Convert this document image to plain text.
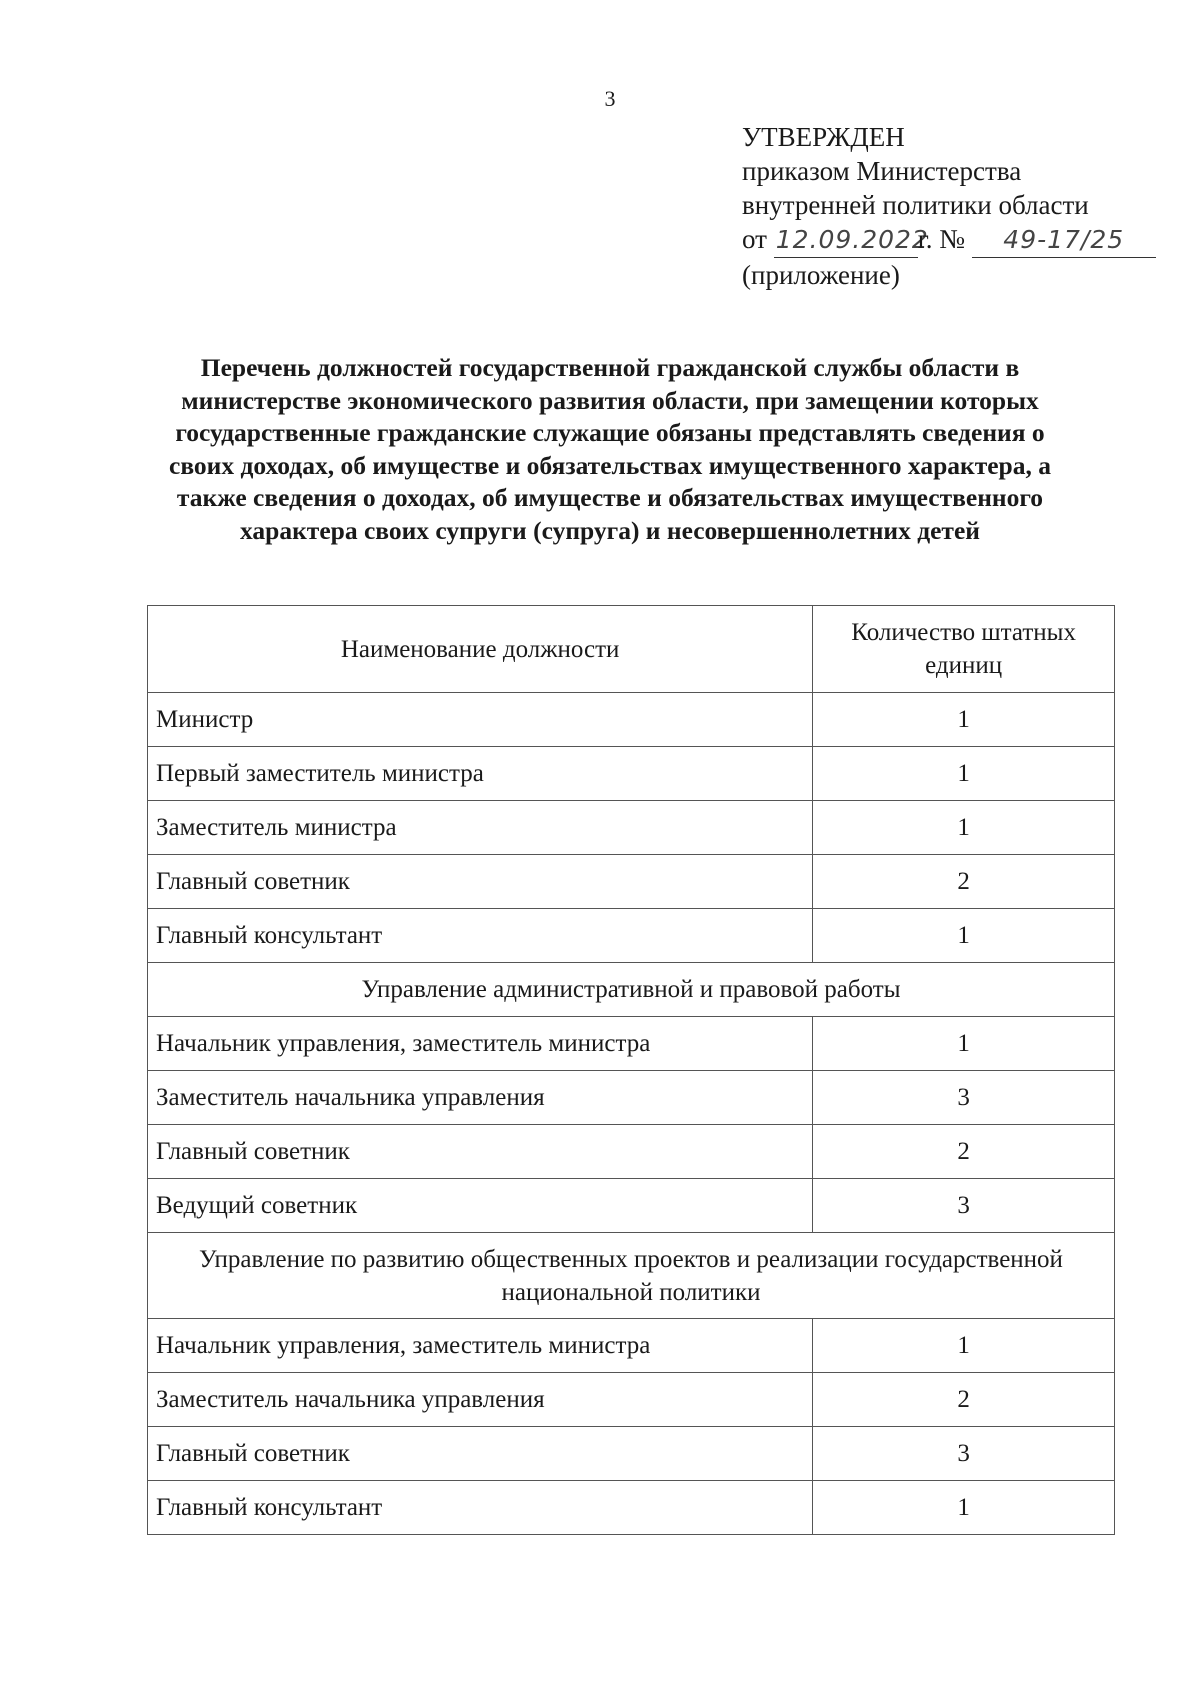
3
УТВЕРЖДЕН
приказом Министерства
внутренней политики области
от 12.09.2022г. № 49-17/25
(приложение)
Перечень должностей государственной гражданской службы области в
министерстве экономического развития области, при замещении которых
государственные гражданские служащие обязаны представлять сведения о
своих доходах, об имуществе и обязательствах имущественного характера, а
также сведения о доходах, об имуществе и обязательствах имущественного
характера своих супруги (супруга) и несовершеннолетних детей
Наименование должности	Количество штатных единиц
Министр	1
Первый заместитель министра	1
Заместитель министра	1
Главный советник	2
Главный консультант	1
Управление административной и правовой работы	
Начальник управления, заместитель министра	1
Заместитель начальника управления	3
Главный советник	2
Ведущий советник	3
Управление по развитию общественных проектов и реализации государственной национальной политики	
Начальник управления, заместитель министра	1
Заместитель начальника управления	2
Главный советник	3
Главный консультант	1
